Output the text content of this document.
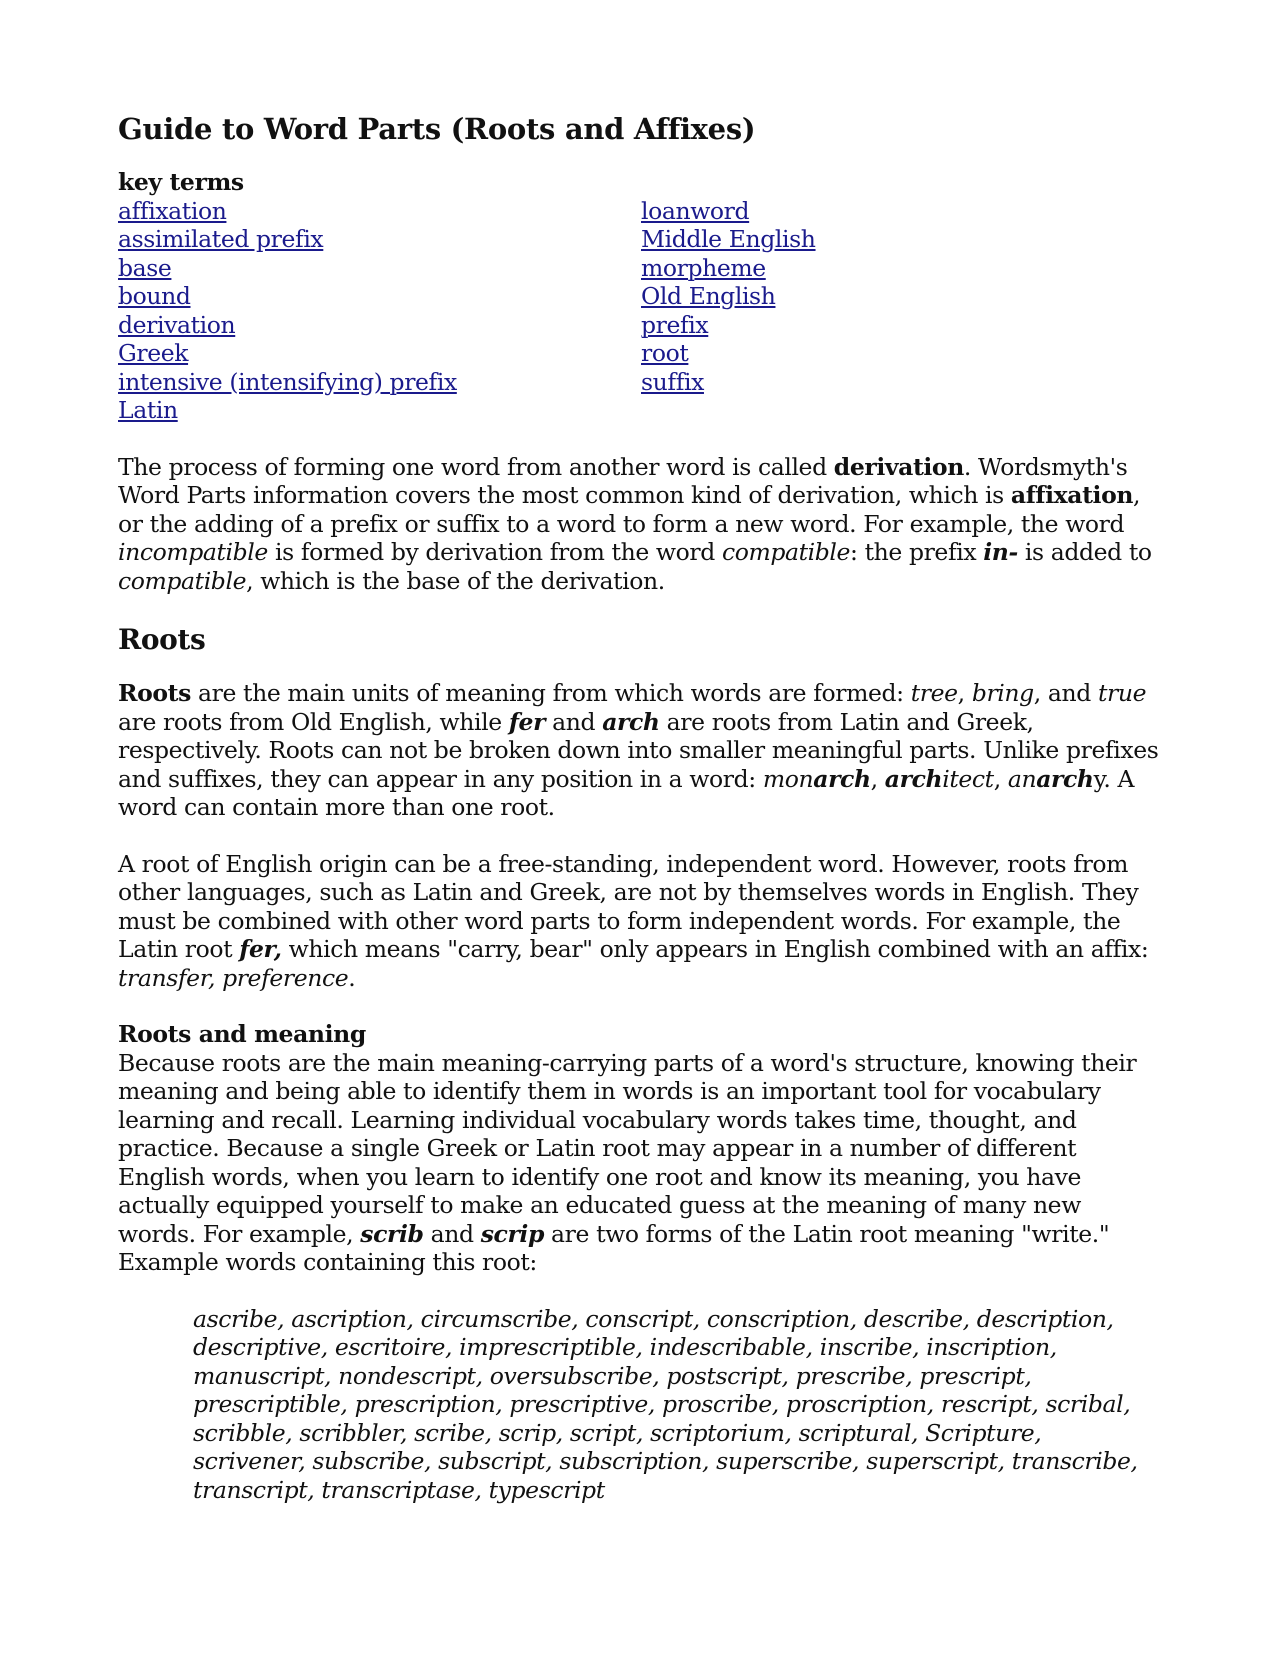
Guide to Word Parts (Roots and Affixes)
key terms
affixation
assimilated prefix
base
bound
derivation
Greek
intensive (intensifying) prefix
Latin
loanword
Middle English
morpheme
Old English
prefix
root
suffix

The process of forming one word from another word is called derivation. Wordsmyth's Word Parts information covers the most common kind of derivation, which is affixation, or the adding of a prefix or suffix to a word to form a new word. For example, the word incompatible is formed by derivation from the word compatible: the prefix in- is added to compatible, which is the base of the derivation.

Roots

Roots are the main units of meaning from which words are formed: tree, bring, and true are roots from Old English, while fer and arch are roots from Latin and Greek, respectively. Roots can not be broken down into smaller meaningful parts. Unlike prefixes and suffixes, they can appear in any position in a word: monarch, architect, anarchy. A word can contain more than one root.

A root of English origin can be a free-standing, independent word. However, roots from other languages, such as Latin and Greek, are not by themselves words in English. They must be combined with other word parts to form independent words. For example, the Latin root fer, which means "carry, bear" only appears in English combined with an affix: transfer, preference.

Roots and meaning

Because roots are the main meaning-carrying parts of a word's structure, knowing their meaning and being able to identify them in words is an important tool for vocabulary learning and recall. Learning individual vocabulary words takes time, thought, and practice. Because a single Greek or Latin root may appear in a number of different English words, when you learn to identify one root and know its meaning, you have actually equipped yourself to make an educated guess at the meaning of many new words. For example, scrib and scrip are two forms of the Latin root meaning "write." Example words containing this root:

ascribe, ascription, circumscribe, conscript, conscription, describe, description, descriptive, escritoire, imprescriptible, indescribable, inscribe, inscription, manuscript, nondescript, oversubscribe, postscript, prescribe, prescript, prescriptible, prescription, prescriptive, proscribe, proscription, rescript, scribal, scribble, scribbler, scribe, scrip, script, scriptorium, scriptural, Scripture, scrivener, subscribe, subscript, subscription, superscribe, superscript, transcribe, transcript, transcriptase, typescript
